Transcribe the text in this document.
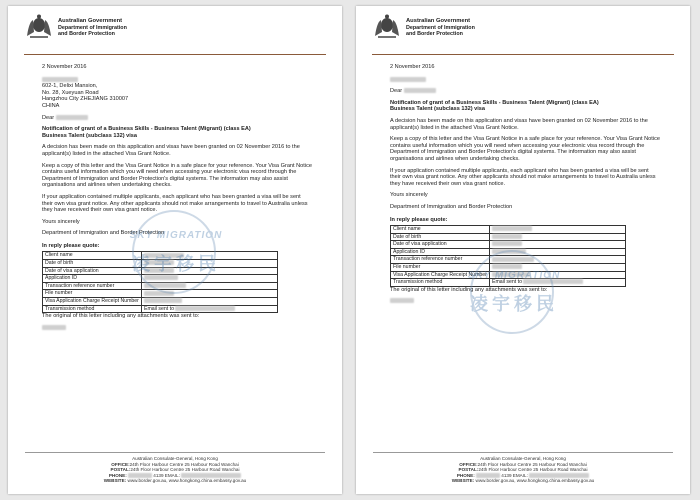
Australian Government
Department of Immigration
and Border Protection

2 November 2016

602-1, Delixi Mansion,
No. 28, Xueyuan Road
Hangzhou City ZHEJIANG 310007
CHINA

Dear

Notification of grant of a Business Skills - Business Talent (Migrant) (class EA)
Business Talent (subclass 132) visa

A decision has been made on this application and visas have been granted on 02 November 2016 to the applicant(s) listed in the attached Visa Grant Notice.

Keep a copy of this letter and the Visa Grant Notice in a safe place for your reference. Your Visa Grant Notice contains useful information which you will need when accessing your electronic visa record through the Department of Immigration and Border Protection's digital systems. The information may also assist organisations and airlines when undertaking checks.

If your application contained multiple applicants, each applicant who has been granted a visa will be sent their own visa grant notice. Any other applicants should not make arrangements to travel to Australia unless they have received their own visa grant notice.

Yours sincerely

Department of Immigration and Border Protection

In reply please quote:
Client name	
Date of birth	
Date of visa application	
Application ID	
Transaction reference number	
File number	
Visa Application Charge Receipt Number	
Transmission method	Email sent to

The original of this letter including any attachments was sent to:

SKY MIGRATION
凌宇移民
Australian Consulate-General, Hong Kong
OFFICE:24th Floor Harbour Centre 25 Harbour Road Wanchai
POSTAL:24th Floor Harbour Centre 25 Harbour Road Wanchai
PHONE:	4139 EMAIL:
WEBSITE: www.border.gov.au, www.hongkong.china.embassy.gov.au
Australian Government
Department of Immigration
and Border Protection

2 November 2016

Dear

Notification of grant of a Business Skills - Business Talent (Migrant) (class EA)
Business Talent (subclass 132) visa

A decision has been made on this application and visas have been granted on 02 November 2016 to the applicant(s) listed in the attached Visa Grant Notice.

Keep a copy of this letter and the Visa Grant Notice in a safe place for your reference. Your Visa Grant Notice contains useful information which you will need when accessing your electronic visa record through the Department of Immigration and Border Protection's digital systems. The information may also assist organisations and airlines when undertaking checks.

If your application contained multiple applicants, each applicant who has been granted a visa will be sent their own visa grant notice. Any other applicants should not make arrangements to travel to Australia unless they have received their own visa grant notice.

Yours sincerely

Department of Immigration and Border Protection

In reply please quote:
Client name	
Date of birth	
Date of visa application	
Application ID	
Transaction reference number	
File number	
Visa Application Charge Receipt Number	
Transmission method	Email sent to

The original of this letter including any attachments was sent to:

SKY MIGRATION
凌宇移民
Australian Consulate-General, Hong Kong
OFFICE:24th Floor Harbour Centre 25 Harbour Road Wanchai
POSTAL:24th Floor Harbour Centre 25 Harbour Road Wanchai
PHONE:	4139 EMAIL:
WEBSITE: www.border.gov.au, www.hongkong.china.embassy.gov.au
